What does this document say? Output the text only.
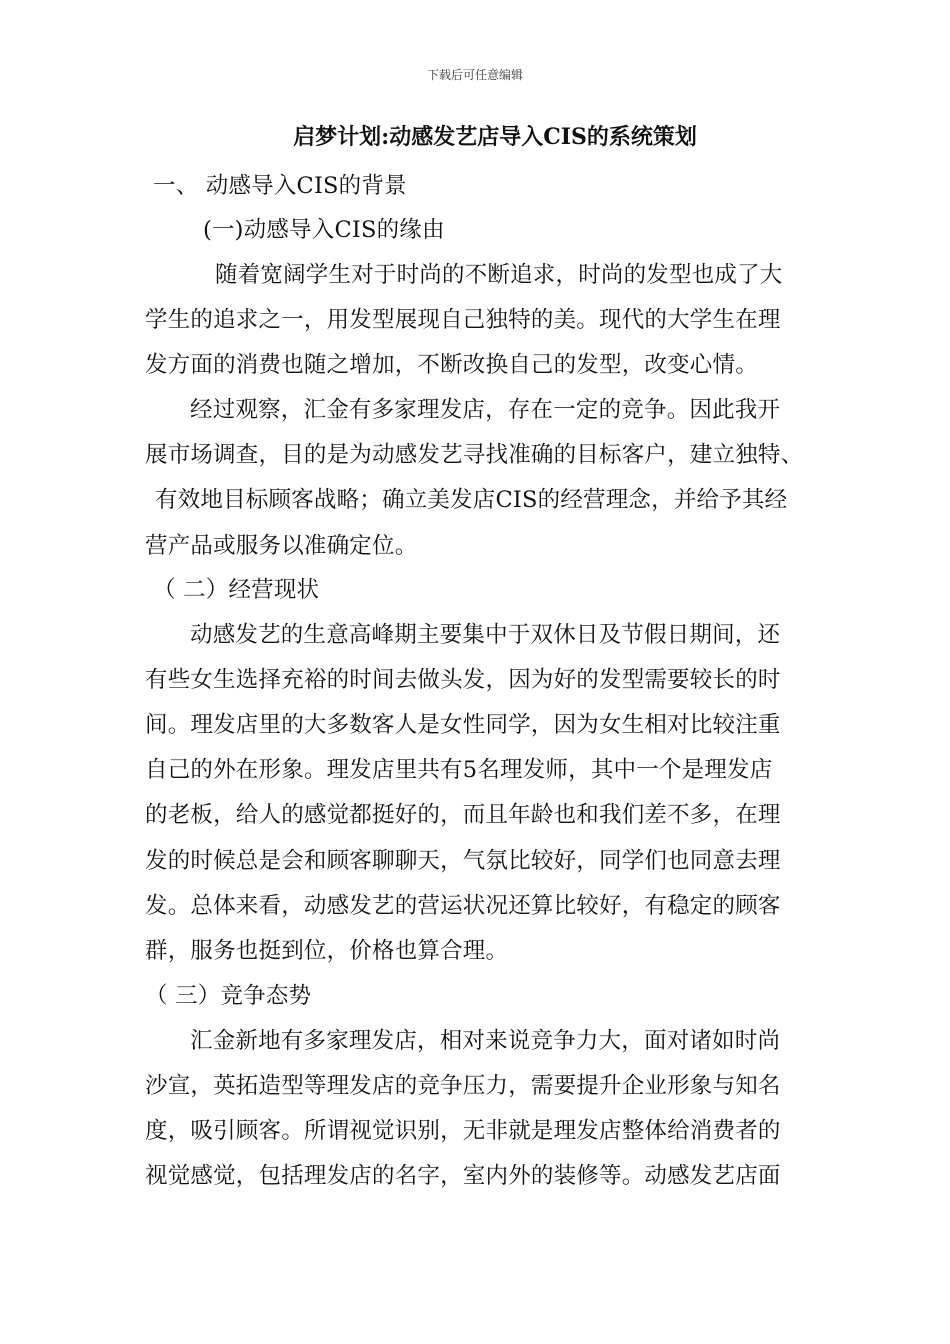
下载后可任意编辑
启梦计划:动感发艺店导入CIS的系统策划
一、 动感导入CIS的背景
(一)动感导入CIS的缘由
随着宽阔学生对于时尚的不断追求，时尚的发型也成了大
学生的追求之一，用发型展现自己独特的美。现代的大学生在理
发方面的消费也随之增加，不断改换自己的发型，改变心情。
经过观察，汇金有多家理发店，存在一定的竞争。因此我开
展市场调查，目的是为动感发艺寻找准确的目标客户，建立独特、
有效地目标顾客战略；确立美发店CIS的经营理念，并给予其经
营产品或服务以准确定位。
（ 二）经营现状
动感发艺的生意高峰期主要集中于双休日及节假日期间，还
有些女生选择充裕的时间去做头发，因为好的发型需要较长的时
间。理发店里的大多数客人是女性同学，因为女生相对比较注重
自己的外在形象。理发店里共有5名理发师，其中一个是理发店
的老板，给人的感觉都挺好的，而且年龄也和我们差不多，在理
发的时候总是会和顾客聊聊天，气氛比较好，同学们也同意去理
发。总体来看，动感发艺的营运状况还算比较好，有稳定的顾客
群，服务也挺到位，价格也算合理。
（ 三）竞争态势
汇金新地有多家理发店，相对来说竞争力大，面对诸如时尚
沙宣，英拓造型等理发店的竞争压力，需要提升企业形象与知名
度，吸引顾客。所谓视觉识别，无非就是理发店整体给消费者的
视觉感觉，包括理发店的名字，室内外的装修等。动感发艺店面
